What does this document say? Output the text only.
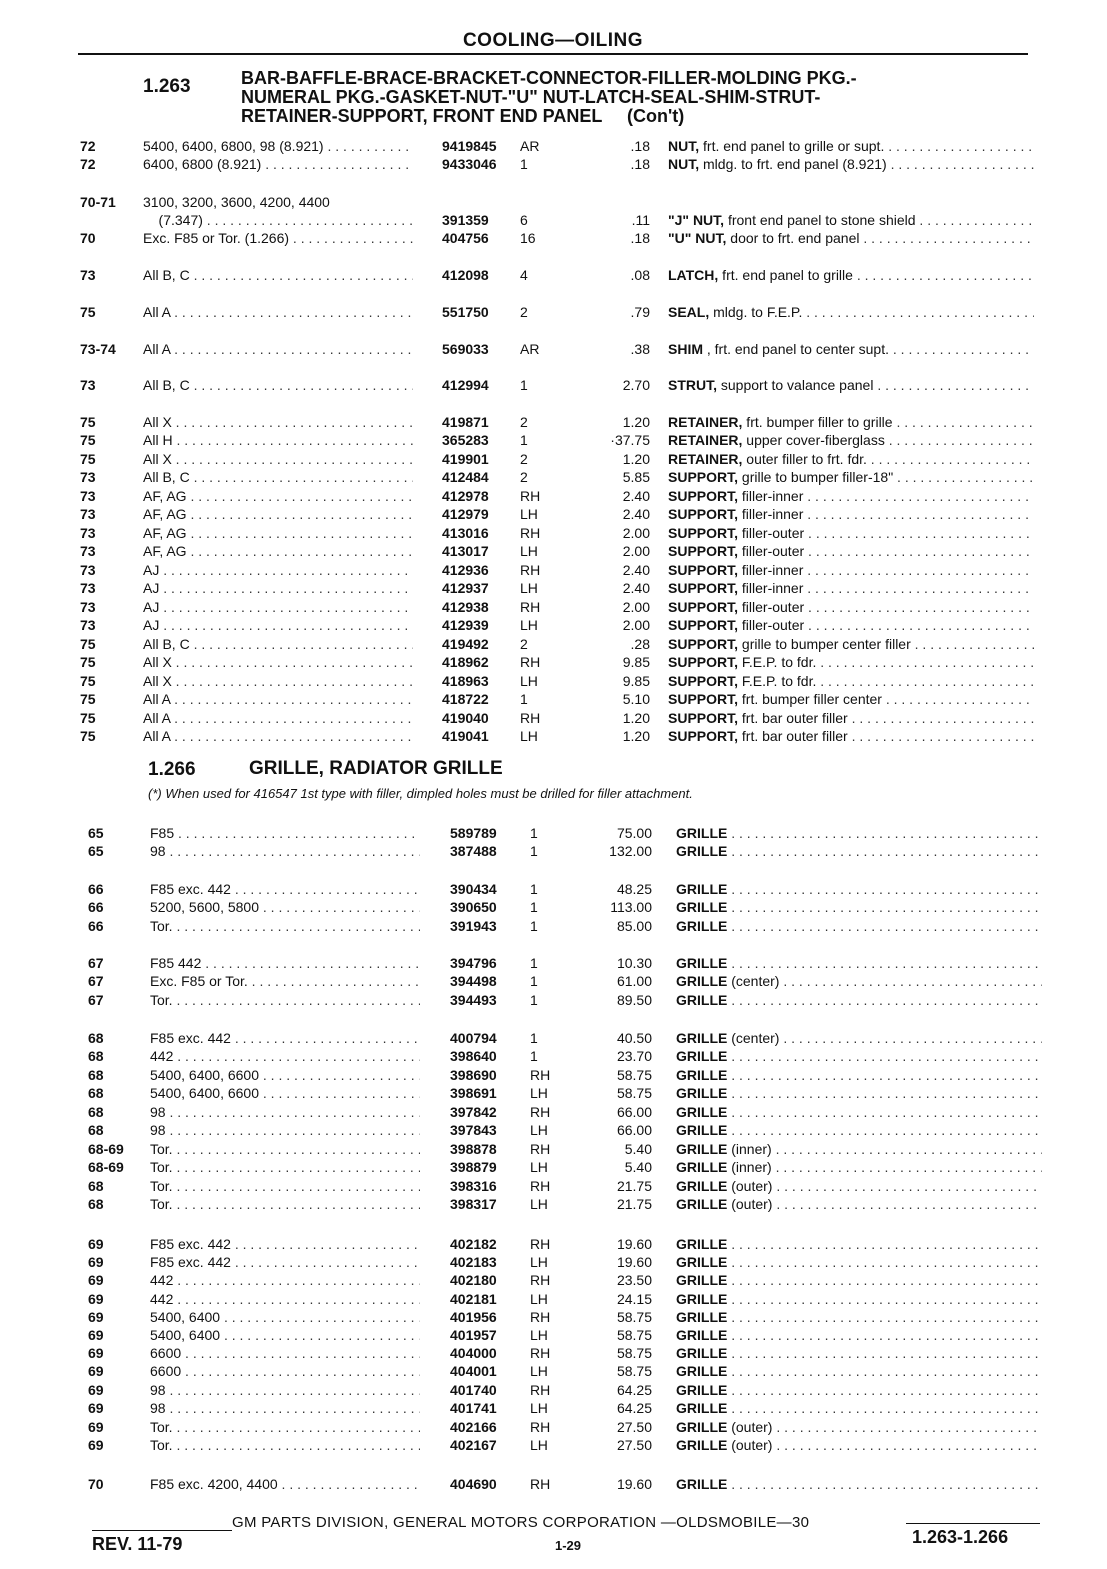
COOLING—OILING
1.263	BAR-BAFFLE-BRACE-BRACKET-CONNECTOR-FILLER-MOLDING PKG.-
NUMERAL PKG.-GASKET-NUT-"U" NUT-LATCH-SEAL-SHIM-STRUT-
RETAINER-SUPPORT, FRONT END PANEL     (Con't)
1.266	GRILLE, RADIATOR GRILLE
(*) When used for 416547 1st type with filler, dimpled holes must be drilled for filler attachment.
72	5400, 6400, 6800, 98 (8.921) . . .	9419845 AR	.18 NUT, frt. end panel to grille or supt. . . .
72	6400, 6800 (8.921) . . .	9433046 1	.18 NUT, mldg. to frt. end panel (8.921) . . .
70-71 3100, 3200, 3600, 4200, 4400
(7.347) . . .	391359 6	.11 "J" NUT, front end panel to stone shield . . .
70	Exc. F85 or Tor. (1.266) . . .	404756 16	.18 "U" NUT, door to frt. end panel . . .
73	All B, C . . .	412098 4	.08 LATCH, frt. end panel to grille . . .
75	All A . . .	551750 2	.79 SEAL, mldg. to F.E.P. . . .
73-74 All A . . .	569033 AR	.38 SHIM , frt. end panel to center supt. . . .
73	All B, C . . .	412994 1	2.70 STRUT, support to valance panel . . .
75	All X . . .	419871 2	1.20 RETAINER, frt. bumper filler to grille . . .
75	All H . . .	365283 1	·37.75 RETAINER, upper cover-fiberglass . . .
75	All X . . .	419901 2	1.20 RETAINER, outer filler to frt. fdr. . . .
73	All B, C . . .	412484 2	5.85 SUPPORT, grille to bumper filler-18" . . .
73	AF, AG . . .	412978 RH	2.40 SUPPORT, filler-inner . . .
73	AF, AG . . .	412979 LH	2.40 SUPPORT, filler-inner . . .
73	AF, AG . . .	413016 RH	2.00 SUPPORT, filler-outer . . .
73	AF, AG . . .	413017 LH	2.00 SUPPORT, filler-outer . . .
73	AJ . . .	412936 RH	2.40 SUPPORT, filler-inner . . .
73	AJ . . .	412937 LH	2.40 SUPPORT, filler-inner . . .
73	AJ . . .	412938 RH	2.00 SUPPORT, filler-outer . . .
73	AJ . . .	412939 LH	2.00 SUPPORT, filler-outer . . .
75	All B, C . . .	419492 2	.28 SUPPORT, grille to bumper center filler . . .
75	All X . . .	418962 RH	9.85 SUPPORT, F.E.P. to fdr. . . .
75	All X . . .	418963 LH	9.85 SUPPORT, F.E.P. to fdr. . . .
75	All A . . .	418722 1	5.10 SUPPORT, frt. bumper filler center . . .
75	All A . . .	419040 RH	1.20 SUPPORT, frt. bar outer filler . . .
75	All A . . .	419041 LH	1.20 SUPPORT, frt. bar outer filler . . .
65	F85 . . .	589789 1	75.00 GRILLE . . .
65	98 . . .	387488 1	132.00 GRILLE . . .
66	F85 exc. 442 . . .	390434 1	48.25 GRILLE . . .
66	5200, 5600, 5800 . . .	390650 1	113.00 GRILLE . . .
66	Tor. . . .	391943 1	85.00 GRILLE . . .
67	F85 442 . . .	394796 1	10.30 GRILLE . . .
67	Exc. F85 or Tor. . . .	394498 1	61.00 GRILLE (center) . . .
67	Tor. . . .	394493 1	89.50 GRILLE . . .
68	F85 exc. 442 . . .	400794 1	40.50 GRILLE (center) . . .
68	442 . . .	398640 1	23.70 GRILLE . . .
68	5400, 6400, 6600 . . .	398690 RH	58.75 GRILLE . . .
68	5400, 6400, 6600 . . .	398691 LH	58.75 GRILLE . . .
68	98 . . .	397842 RH	66.00 GRILLE . . .
68	98 . . .	397843 LH	66.00 GRILLE . . .
68-69 Tor. . . .	398878 RH	5.40 GRILLE (inner) . . .
68-69 Tor. . . .	398879 LH	5.40 GRILLE (inner) . . .
68	Tor. . . .	398316 RH	21.75 GRILLE (outer) . . .
68	Tor. . . .	398317 LH	21.75 GRILLE (outer) . . .
69	F85 exc. 442 . . .	402182 RH	19.60 GRILLE . . .
69	F85 exc. 442 . . .	402183 LH	19.60 GRILLE . . .
69	442 . . .	402180 RH	23.50 GRILLE . . .
69	442 . . .	402181 LH	24.15 GRILLE . . .
69	5400, 6400 . . .	401956 RH	58.75 GRILLE . . .
69	5400, 6400 . . .	401957 LH	58.75 GRILLE . . .
69	6600 . . .	404000 RH	58.75 GRILLE . . .
69	6600 . . .	404001 LH	58.75 GRILLE . . .
69	98 . . .	401740 RH	64.25 GRILLE . . .
69	98 . . .	401741 LH	64.25 GRILLE . . .
69	Tor. . . .	402166 RH	27.50 GRILLE (outer) . . .
69	Tor. . . .	402167 LH	27.50 GRILLE (outer) . . .
70	F85 exc. 4200, 4400 . . .	404690 RH	19.60 GRILLE . . .
GM PARTS DIVISION, GENERAL MOTORS CORPORATION —OLDSMOBILE—30
REV. 11-79	1-29	1.263-1.266
